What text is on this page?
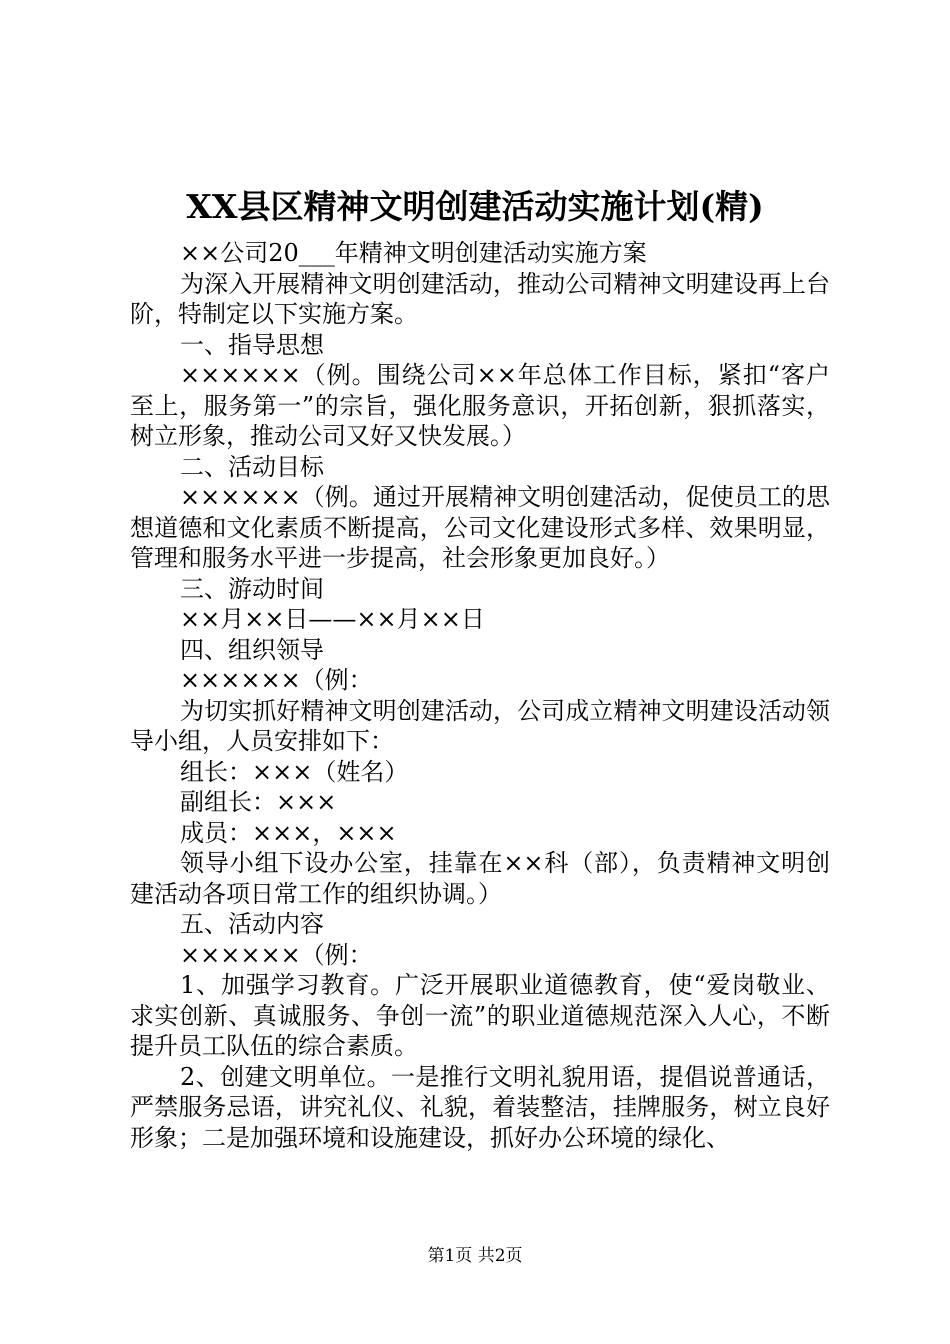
XX县区精神文明创建活动实施计划(精)

××公司20___年精神文明创建活动实施方案

为深入开展精神文明创建活动，推动公司精神文明建设再上台阶，特制定以下实施方案。

一、指导思想

××××××（例。围绕公司××年总体工作目标，紧扣“客户至上，服务第一”的宗旨，强化服务意识，开拓创新，狠抓落实，树立形象，推动公司又好又快发展。）

二、活动目标

××××××（例。通过开展精神文明创建活动，促使员工的思想道德和文化素质不断提高，公司文化建设形式多样、效果明显，管理和服务水平进一步提高，社会形象更加良好。）

三、游动时间

××月××日——××月××日

四、组织领导

××××××（例：

为切实抓好精神文明创建活动，公司成立精神文明建设活动领导小组，人员安排如下：

组长：×××（姓名）

副组长：×××

成员：×××，×××

领导小组下设办公室，挂靠在××科（部），负责精神文明创建活动各项日常工作的组织协调。）

五、活动内容

××××××（例：

1、加强学习教育。广泛开展职业道德教育，使“爱岗敬业、求实创新、真诚服务、争创一流”的职业道德规范深入人心，不断提升员工队伍的综合素质。

2、创建文明单位。一是推行文明礼貌用语，提倡说普通话，严禁服务忌语，讲究礼仪、礼貌，着装整洁，挂牌服务，树立良好形象；二是加强环境和设施建设，抓好办公环境的绿化、

第1页 共2页
